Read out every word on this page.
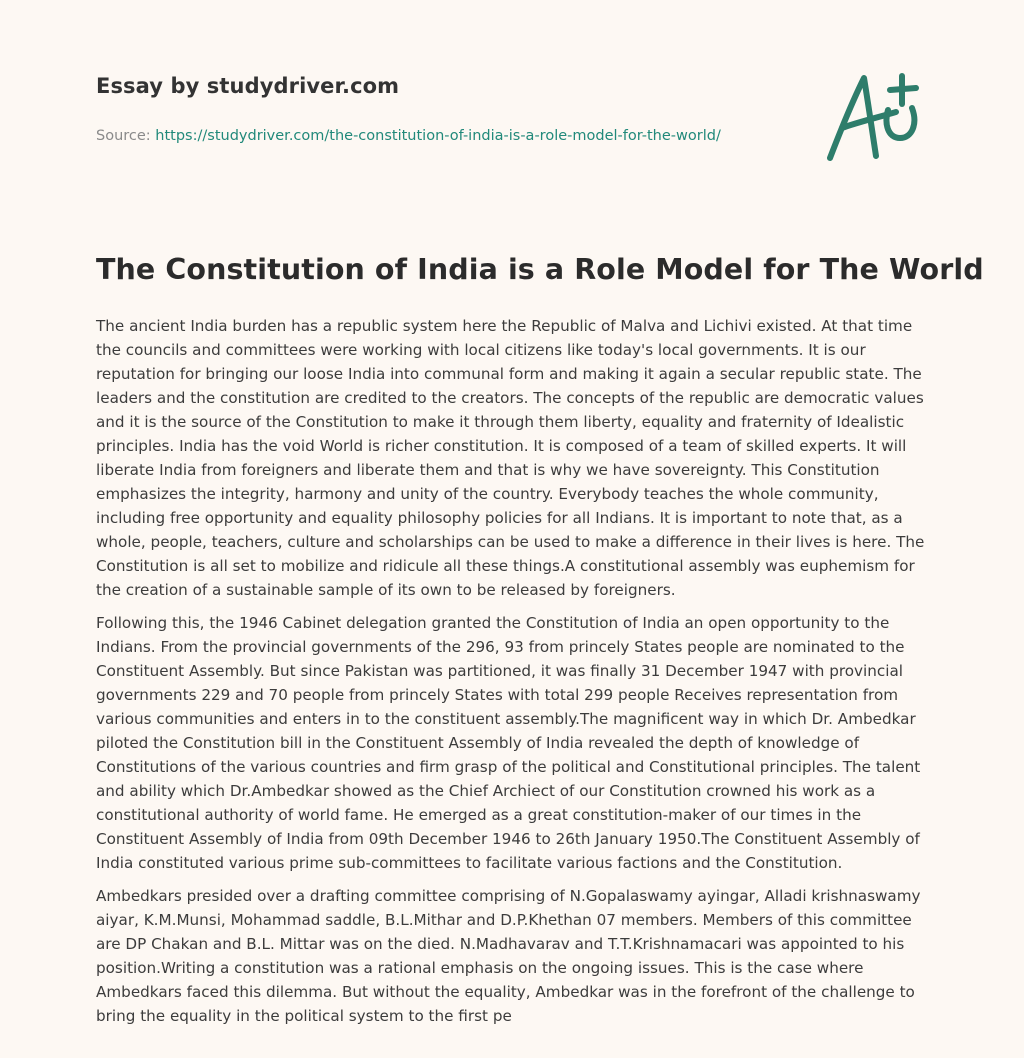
Essay by studydriver.com
Source: https://studydriver.com/the-constitution-of-india-is-a-role-model-for-the-world/
The Constitution of India is a Role Model for The World

The ancient India burden has a republic system here the Republic of Malva and Lichivi existed. At that time the councils and committees were working with local citizens like today's local governments. It is our reputation for bringing our loose India into communal form and making it again a secular republic state. The leaders and the constitution are credited to the creators. The concepts of the republic are democratic values and it is the source of the Constitution to make it through them liberty, equality and fraternity of Idealistic principles. India has the void World is richer constitution. It is composed of a team of skilled experts. It will liberate India from foreigners and liberate them and that is why we have sovereignty. This Constitution emphasizes the integrity, harmony and unity of the country. Everybody teaches the whole community, including free opportunity and equality philosophy policies for all Indians. It is important to note that, as a whole, people, teachers, culture and scholarships can be used to make a difference in their lives is here. The Constitution is all set to mobilize and ridicule all these things.A constitutional assembly was euphemism for the creation of a sustainable sample of its own to be released by foreigners.

Following this, the 1946 Cabinet delegation granted the Constitution of India an open opportunity to the Indians. From the provincial governments of the 296, 93 from princely States people are nominated to the Constituent Assembly. But since Pakistan was partitioned, it was finally 31 December 1947 with provincial governments 229 and 70 people from princely States with total 299 people Receives representation from various communities and enters in to the constituent assembly.The magnificent way in which Dr. Ambedkar piloted the Constitution bill in the Constituent Assembly of India revealed the depth of knowledge of Constitutions of the various countries and firm grasp of the political and Constitutional principles. The talent and ability which Dr.Ambedkar showed as the Chief Archiect of our Constitution crowned his work as a constitutional authority of world fame. He emerged as a great constitution-maker of our times in the Constituent Assembly of India from 09th December 1946 to 26th January 1950.The Constituent Assembly of India constituted various prime sub-committees to facilitate various factions and the Constitution.

Ambedkars presided over a drafting committee comprising of N.Gopalaswamy ayingar, Alladi krishnaswamy aiyar, K.M.Munsi, Mohammad saddle, B.L.Mithar and D.P.Khethan 07 members. Members of this committee are DP Chakan and B.L. Mittar was on the died. N.Madhavarav and T.T.Krishnamacari was appointed to his position.Writing a constitution was a rational emphasis on the ongoing issues. This is the case where Ambedkars faced this dilemma. But without the equality, Ambedkar was in the forefront of the challenge to bring the equality in the political system to the first pe
